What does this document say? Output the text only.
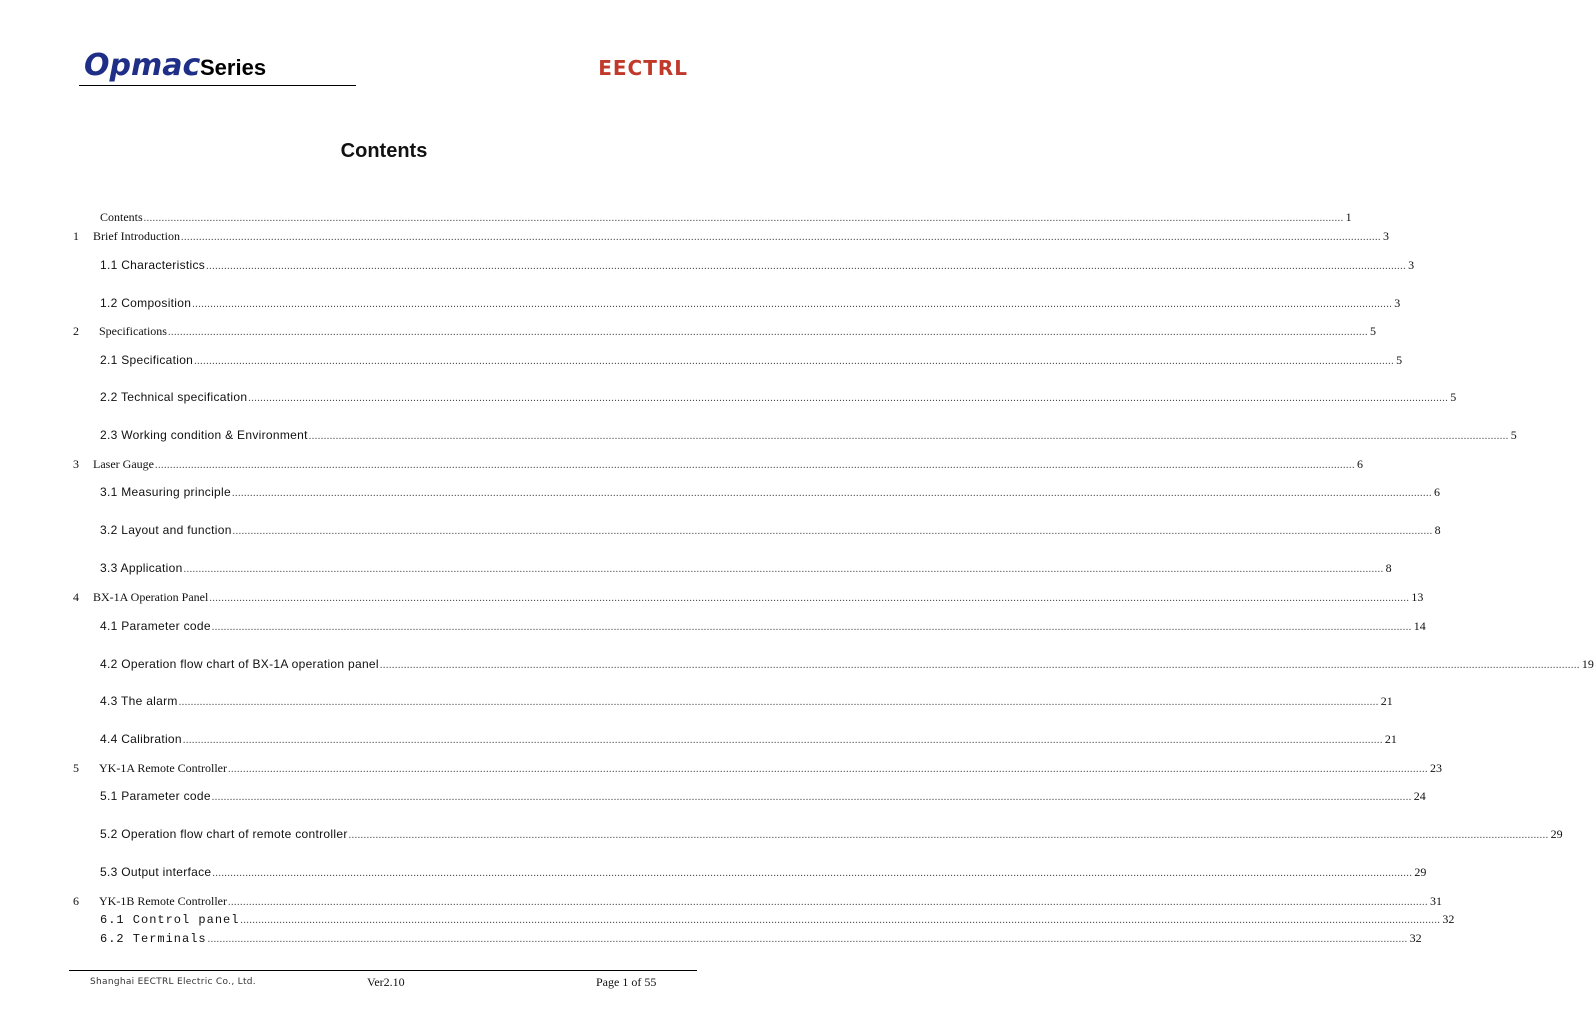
Opmac Series	EECTRL
Contents
Contents ................................................................................................................................................................................................................................................................................................................................................................................................................ 1
1 Brief Introduction ................................................................................................................................................................................................................................................................................................................................................................................................................ 3
1.1 Characteristics ................................................................................................................................................................................................................................................................................................................................................................................................................ 3
1.2 Composition ................................................................................................................................................................................................................................................................................................................................................................................................................ 3
2 Specifications ................................................................................................................................................................................................................................................................................................................................................................................................................ 5
2.1 Specification ................................................................................................................................................................................................................................................................................................................................................................................................................ 5
2.2 Technical specification ................................................................................................................................................................................................................................................................................................................................................................................................................ 5
2.3 Working condition & Environment ................................................................................................................................................................................................................................................................................................................................................................................................................ 5
3 Laser Gauge ................................................................................................................................................................................................................................................................................................................................................................................................................ 6
3.1 Measuring principle ................................................................................................................................................................................................................................................................................................................................................................................................................ 6
3.2 Layout and function ................................................................................................................................................................................................................................................................................................................................................................................................................ 8
3.3 Application ................................................................................................................................................................................................................................................................................................................................................................................................................ 8
4 BX-1A Operation Panel ................................................................................................................................................................................................................................................................................................................................................................................................................ 13
4.1 Parameter code ................................................................................................................................................................................................................................................................................................................................................................................................................ 14
4.2 Operation flow chart of BX-1A operation panel ................................................................................................................................................................................................................................................................................................................................................................................................................ 19
4.3 The alarm ................................................................................................................................................................................................................................................................................................................................................................................................................ 21
4.4 Calibration ................................................................................................................................................................................................................................................................................................................................................................................................................ 21
5 YK-1A Remote Controller ................................................................................................................................................................................................................................................................................................................................................................................................................ 23
5.1 Parameter code ................................................................................................................................................................................................................................................................................................................................................................................................................ 24
5.2 Operation flow chart of remote controller ................................................................................................................................................................................................................................................................................................................................................................................................................ 29
5.3 Output interface ................................................................................................................................................................................................................................................................................................................................................................................................................ 29
6 YK-1B Remote Controller ................................................................................................................................................................................................................................................................................................................................................................................................................ 31
6.1 Control panel ................................................................................................................................................................................................................................................................................................................................................................................................................ 32
6.2 Terminals ................................................................................................................................................................................................................................................................................................................................................................................................................ 32
Shanghai EECTRL Electric Co., Ltd.	Ver2.10	Page 1 of 55
